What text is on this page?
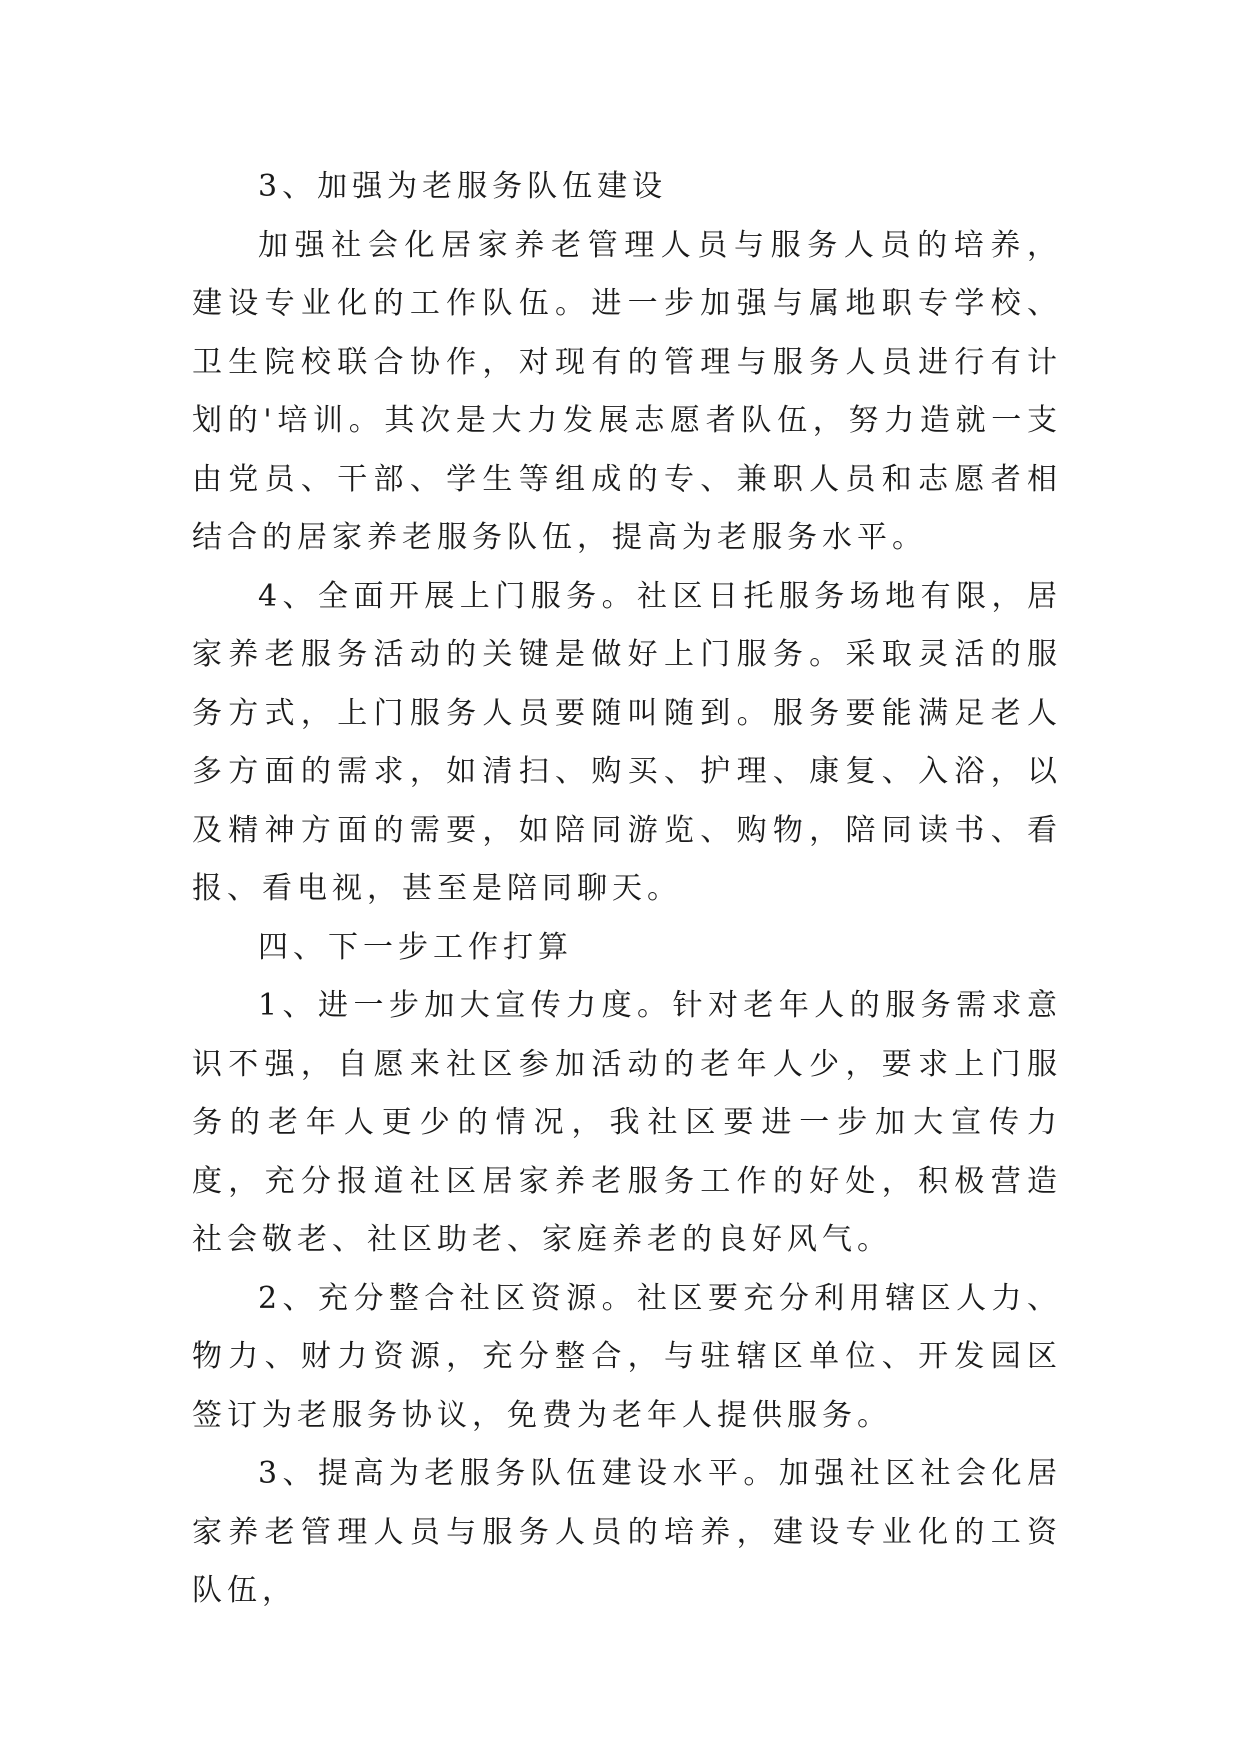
3、加强为老服务队伍建设

加强社会化居家养老管理人员与服务人员的培养，建设专业化的工作队伍。进一步加强与属地职专学校、卫生院校联合协作，对现有的管理与服务人员进行有计划的'培训。其次是大力发展志愿者队伍，努力造就一支由党员、干部、学生等组成的专、兼职人员和志愿者相结合的居家养老服务队伍，提高为老服务水平。

4、全面开展上门服务。社区日托服务场地有限，居家养老服务活动的关键是做好上门服务。采取灵活的服务方式，上门服务人员要随叫随到。服务要能满足老人多方面的需求，如清扫、购买、护理、康复、入浴，以及精神方面的需要，如陪同游览、购物，陪同读书、看报、看电视，甚至是陪同聊天。

四、下一步工作打算

1、进一步加大宣传力度。针对老年人的服务需求意识不强，自愿来社区参加活动的老年人少，要求上门服务的老年人更少的情况，我社区要进一步加大宣传力度，充分报道社区居家养老服务工作的好处，积极营造社会敬老、社区助老、家庭养老的良好风气。

2、充分整合社区资源。社区要充分利用辖区人力、物力、财力资源，充分整合，与驻辖区单位、开发园区签订为老服务协议，免费为老年人提供服务。

3、提高为老服务队伍建设水平。加强社区社会化居家养老管理人员与服务人员的培养，建设专业化的工资队伍，
